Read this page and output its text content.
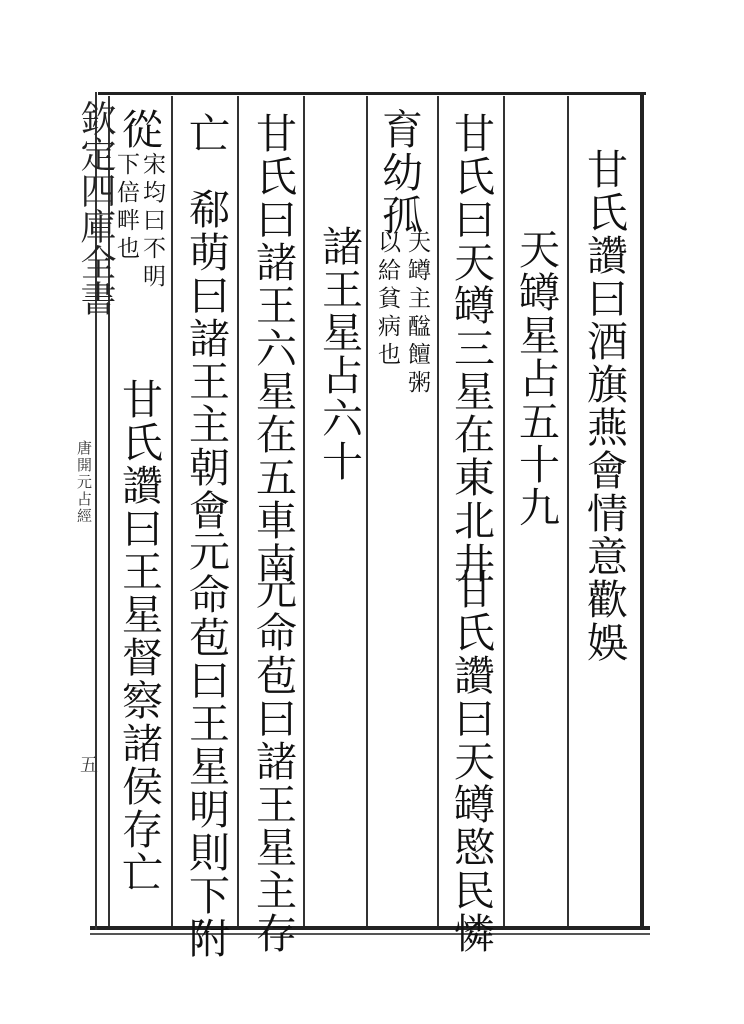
甘氏讚曰酒旗燕會情意歡娛
天罇星占五十九
甘氏曰天罇三星在東北井
甘氏讚曰天罇愍民憐
育幼孤
天罇主䤈饘粥
以給貧病也
諸王星占六十
甘氏曰諸王六星在五車南
元命苞曰諸王星主存
亡
郗萌曰諸王主朝會
元命苞曰王星明則下附
從
宋均曰不明
下倍畔也
甘氏讚曰王星督察諸侯存亡
欽定四庫全書
唐開元占經
五
